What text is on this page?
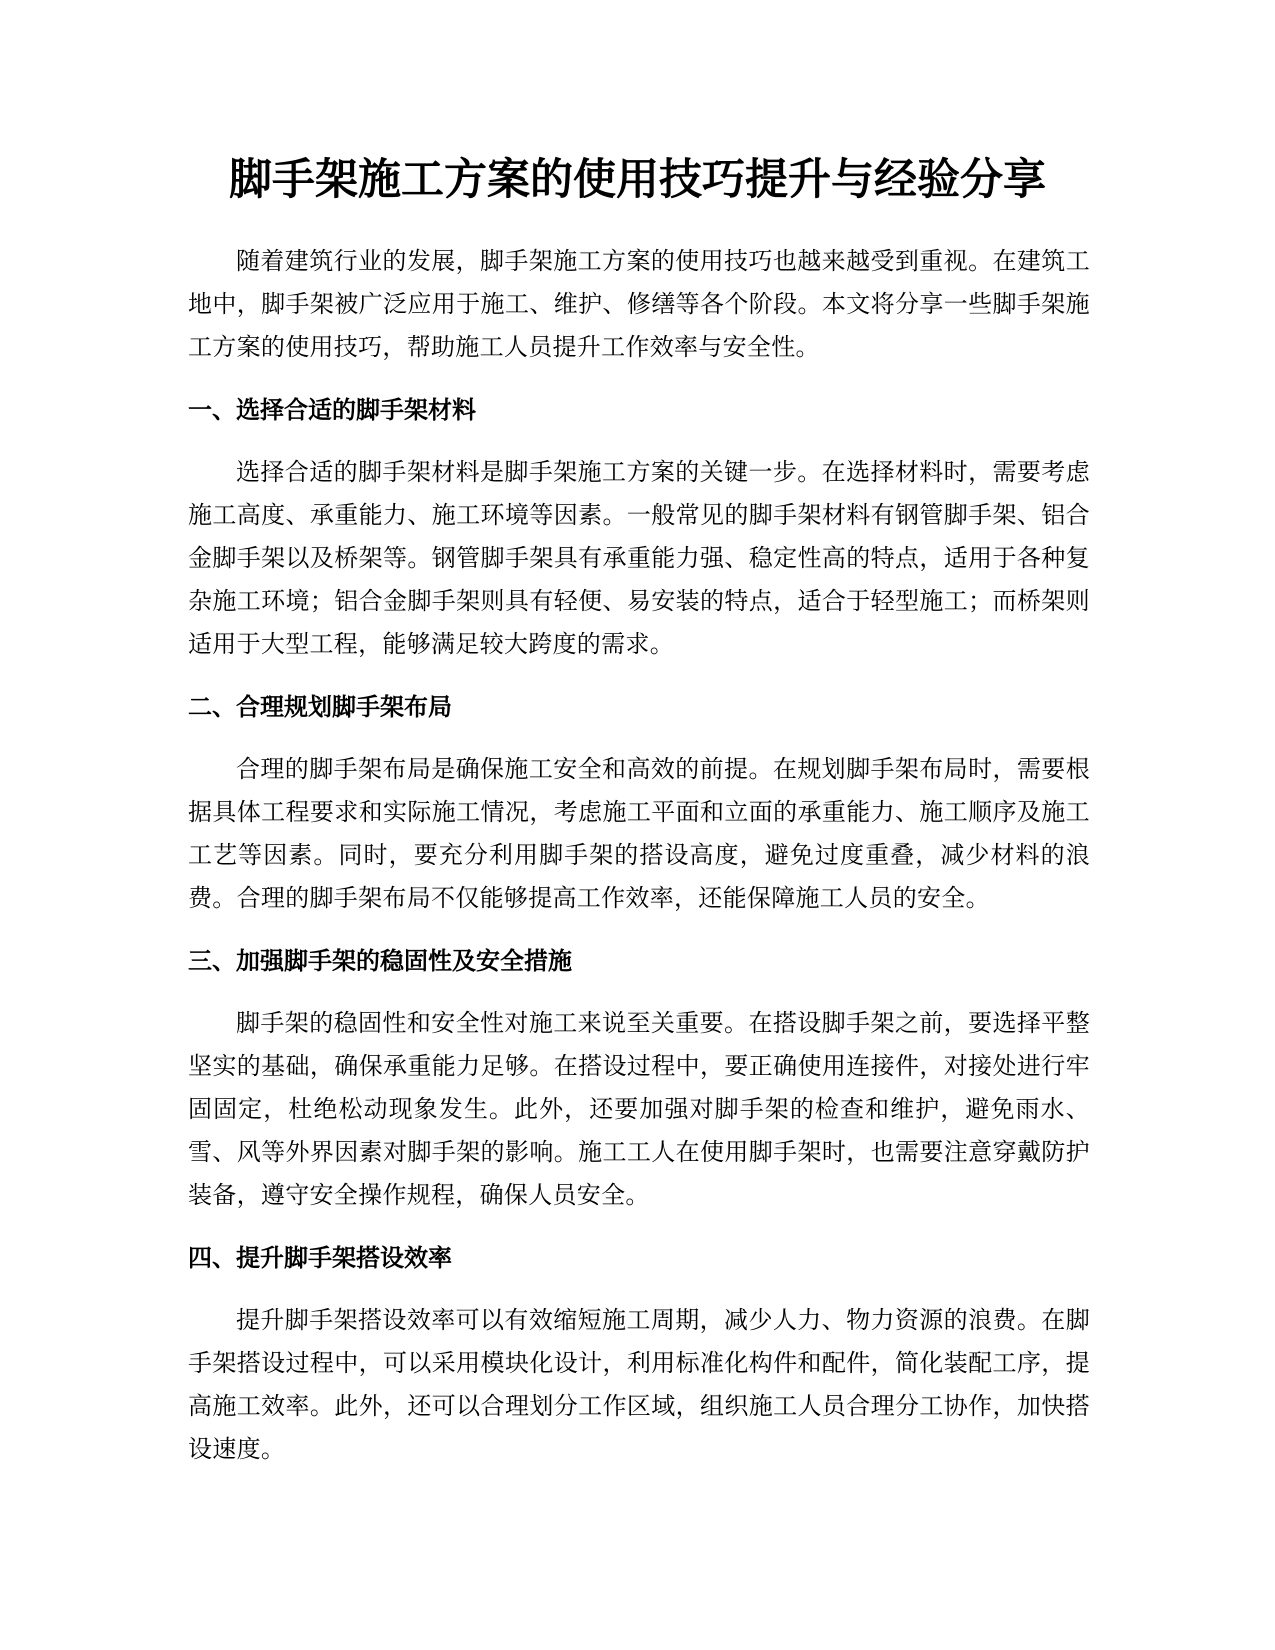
脚手架施工方案的使用技巧提升与经验分享

随着建筑行业的发展，脚手架施工方案的使用技巧也越来越受到重视。在建筑工地中，脚手架被广泛应用于施工、维护、修缮等各个阶段。本文将分享一些脚手架施工方案的使用技巧，帮助施工人员提升工作效率与安全性。

一、选择合适的脚手架材料

选择合适的脚手架材料是脚手架施工方案的关键一步。在选择材料时，需要考虑施工高度、承重能力、施工环境等因素。一般常见的脚手架材料有钢管脚手架、铝合金脚手架以及桥架等。钢管脚手架具有承重能力强、稳定性高的特点，适用于各种复杂施工环境；铝合金脚手架则具有轻便、易安装的特点，适合于轻型施工；而桥架则适用于大型工程，能够满足较大跨度的需求。

二、合理规划脚手架布局

合理的脚手架布局是确保施工安全和高效的前提。在规划脚手架布局时，需要根据具体工程要求和实际施工情况，考虑施工平面和立面的承重能力、施工顺序及施工工艺等因素。同时，要充分利用脚手架的搭设高度，避免过度重叠，减少材料的浪费。合理的脚手架布局不仅能够提高工作效率，还能保障施工人员的安全。

三、加强脚手架的稳固性及安全措施

脚手架的稳固性和安全性对施工来说至关重要。在搭设脚手架之前，要选择平整坚实的基础，确保承重能力足够。在搭设过程中，要正确使用连接件，对接处进行牢固固定，杜绝松动现象发生。此外，还要加强对脚手架的检查和维护，避免雨水、雪、风等外界因素对脚手架的影响。施工工人在使用脚手架时，也需要注意穿戴防护装备，遵守安全操作规程，确保人员安全。

四、提升脚手架搭设效率

提升脚手架搭设效率可以有效缩短施工周期，减少人力、物力资源的浪费。在脚手架搭设过程中，可以采用模块化设计，利用标准化构件和配件，简化装配工序，提高施工效率。此外，还可以合理划分工作区域，组织施工人员合理分工协作，加快搭设速度。
